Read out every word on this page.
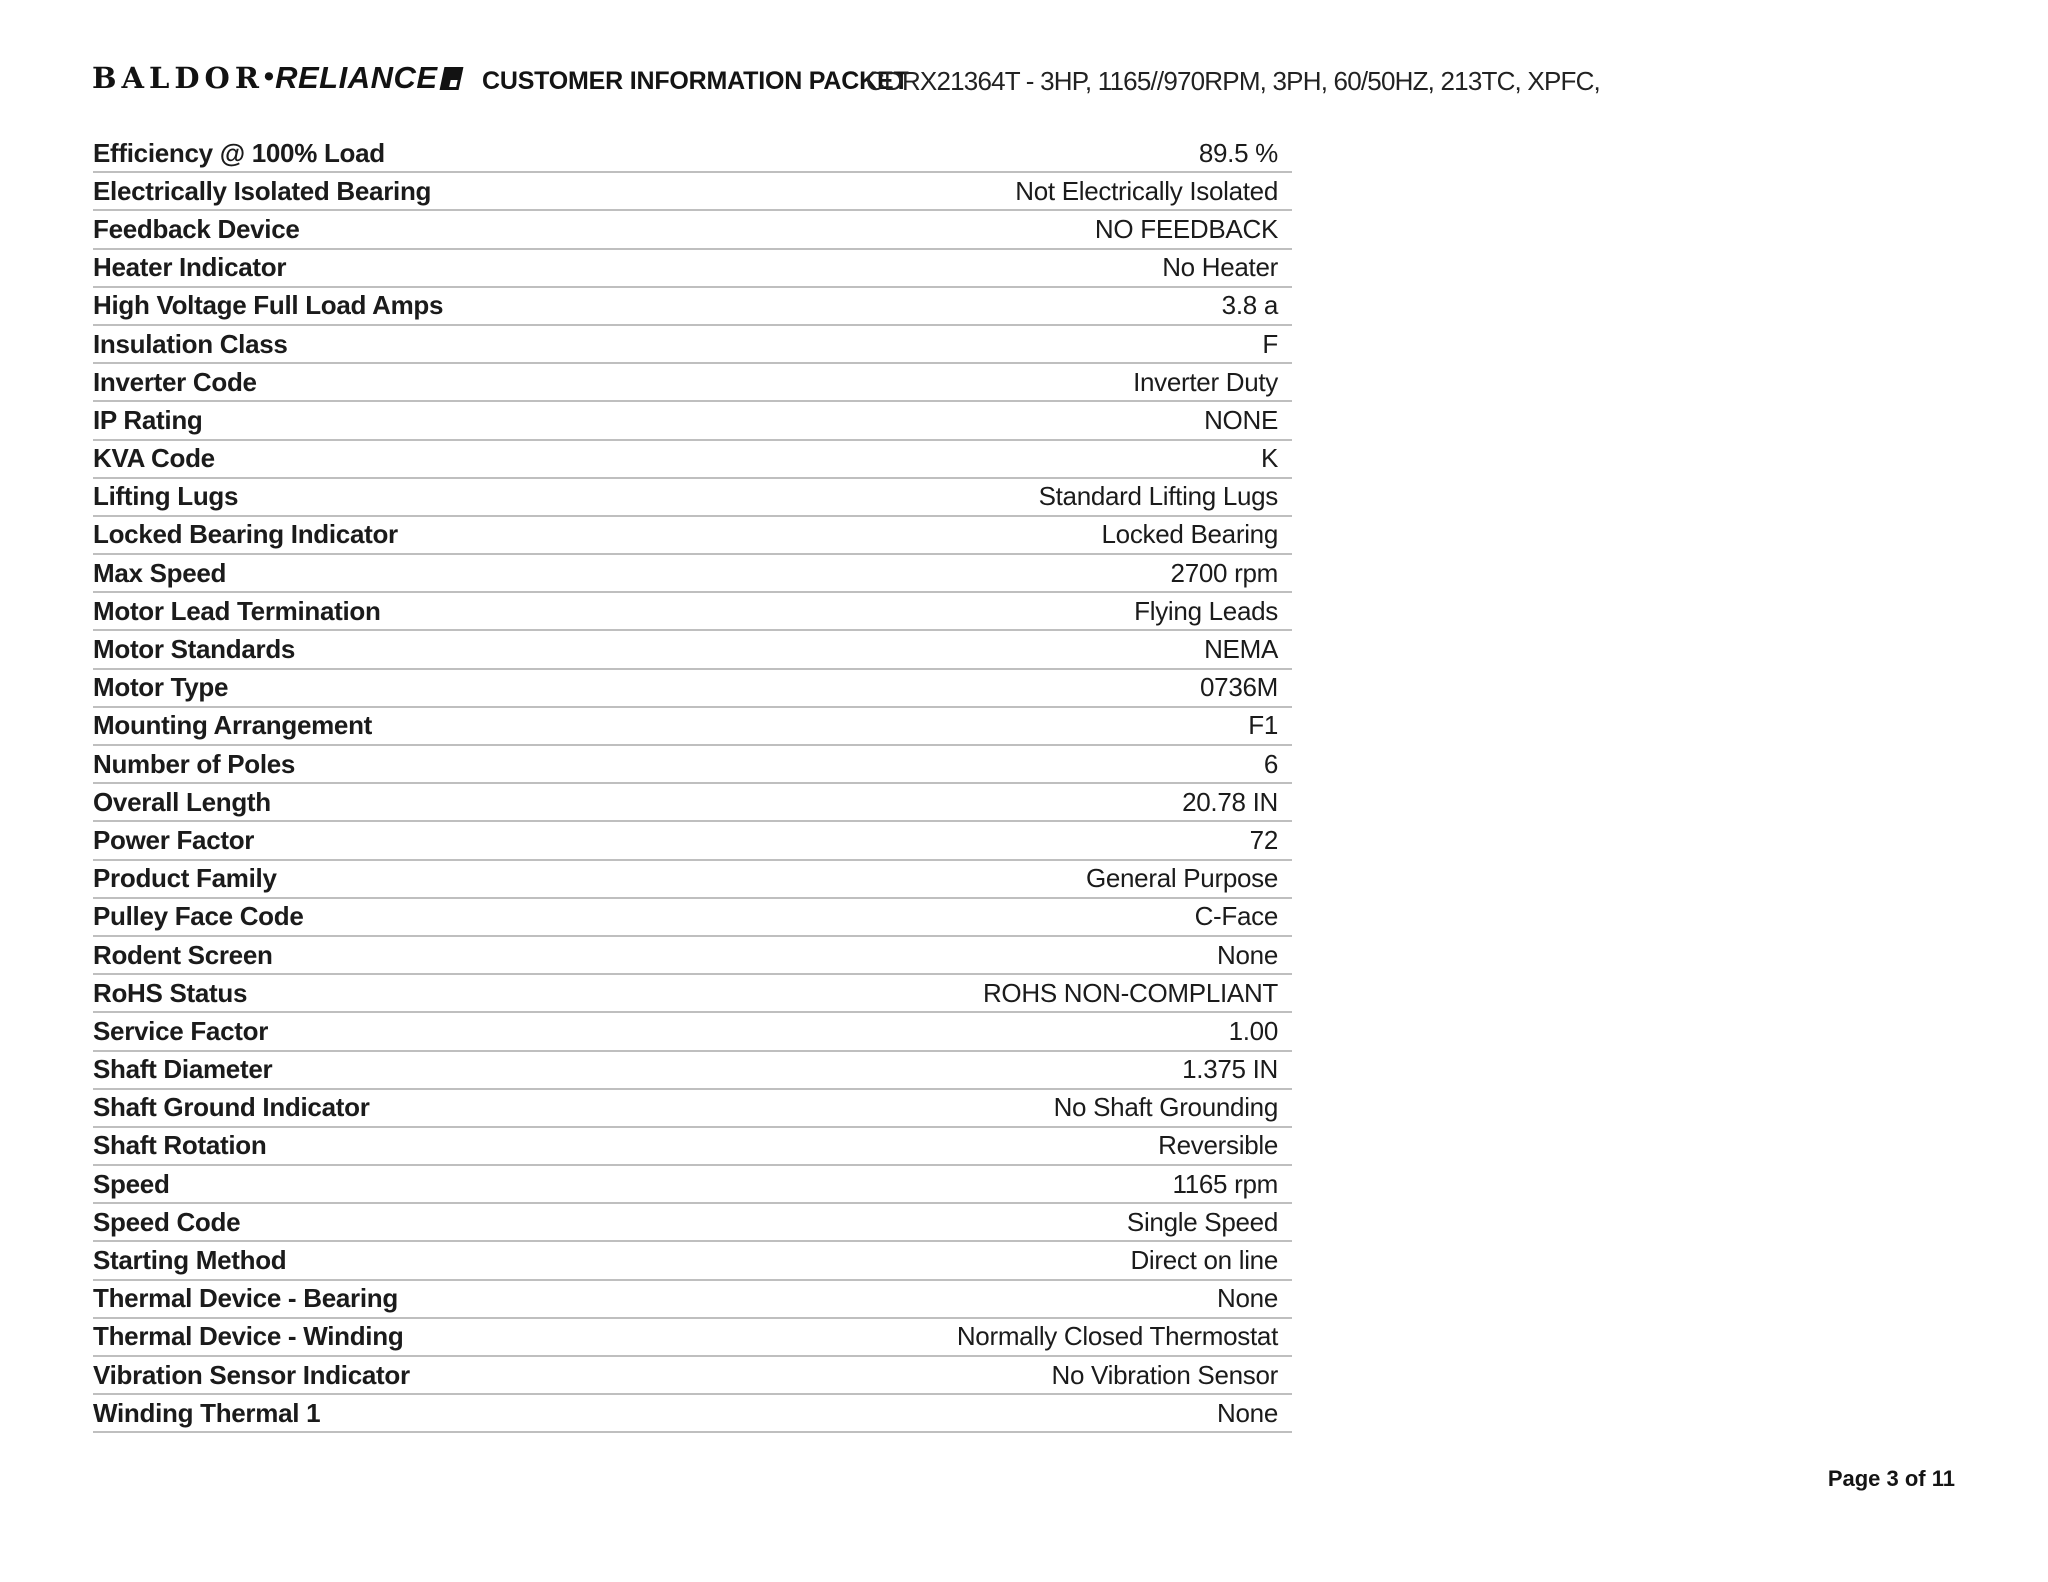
BALDOR•RELIANCE	CUSTOMER INFORMATION PACKET
CDRX21364T - 3HP, 1165//970RPM, 3PH, 60/50HZ, 213TC, XPFC,
Efficiency @ 100% Load	89.5 %
Electrically Isolated Bearing	Not Electrically Isolated
Feedback Device	NO FEEDBACK
Heater Indicator	No Heater
High Voltage Full Load Amps	3.8 a
Insulation Class	F
Inverter Code	Inverter Duty
IP Rating	NONE
KVA Code	K
Lifting Lugs	Standard Lifting Lugs
Locked Bearing Indicator	Locked Bearing
Max Speed	2700 rpm
Motor Lead Termination	Flying Leads
Motor Standards	NEMA
Motor Type	0736M
Mounting Arrangement	F1
Number of Poles	6
Overall Length	20.78 IN
Power Factor	72
Product Family	General Purpose
Pulley Face Code	C-Face
Rodent Screen	None
RoHS Status	ROHS NON-COMPLIANT
Service Factor	1.00
Shaft Diameter	1.375 IN
Shaft Ground Indicator	No Shaft Grounding
Shaft Rotation	Reversible
Speed	1165 rpm
Speed Code	Single Speed
Starting Method	Direct on line
Thermal Device - Bearing	None
Thermal Device - Winding	Normally Closed Thermostat
Vibration Sensor Indicator	No Vibration Sensor
Winding Thermal 1	None
Page 3 of 11
